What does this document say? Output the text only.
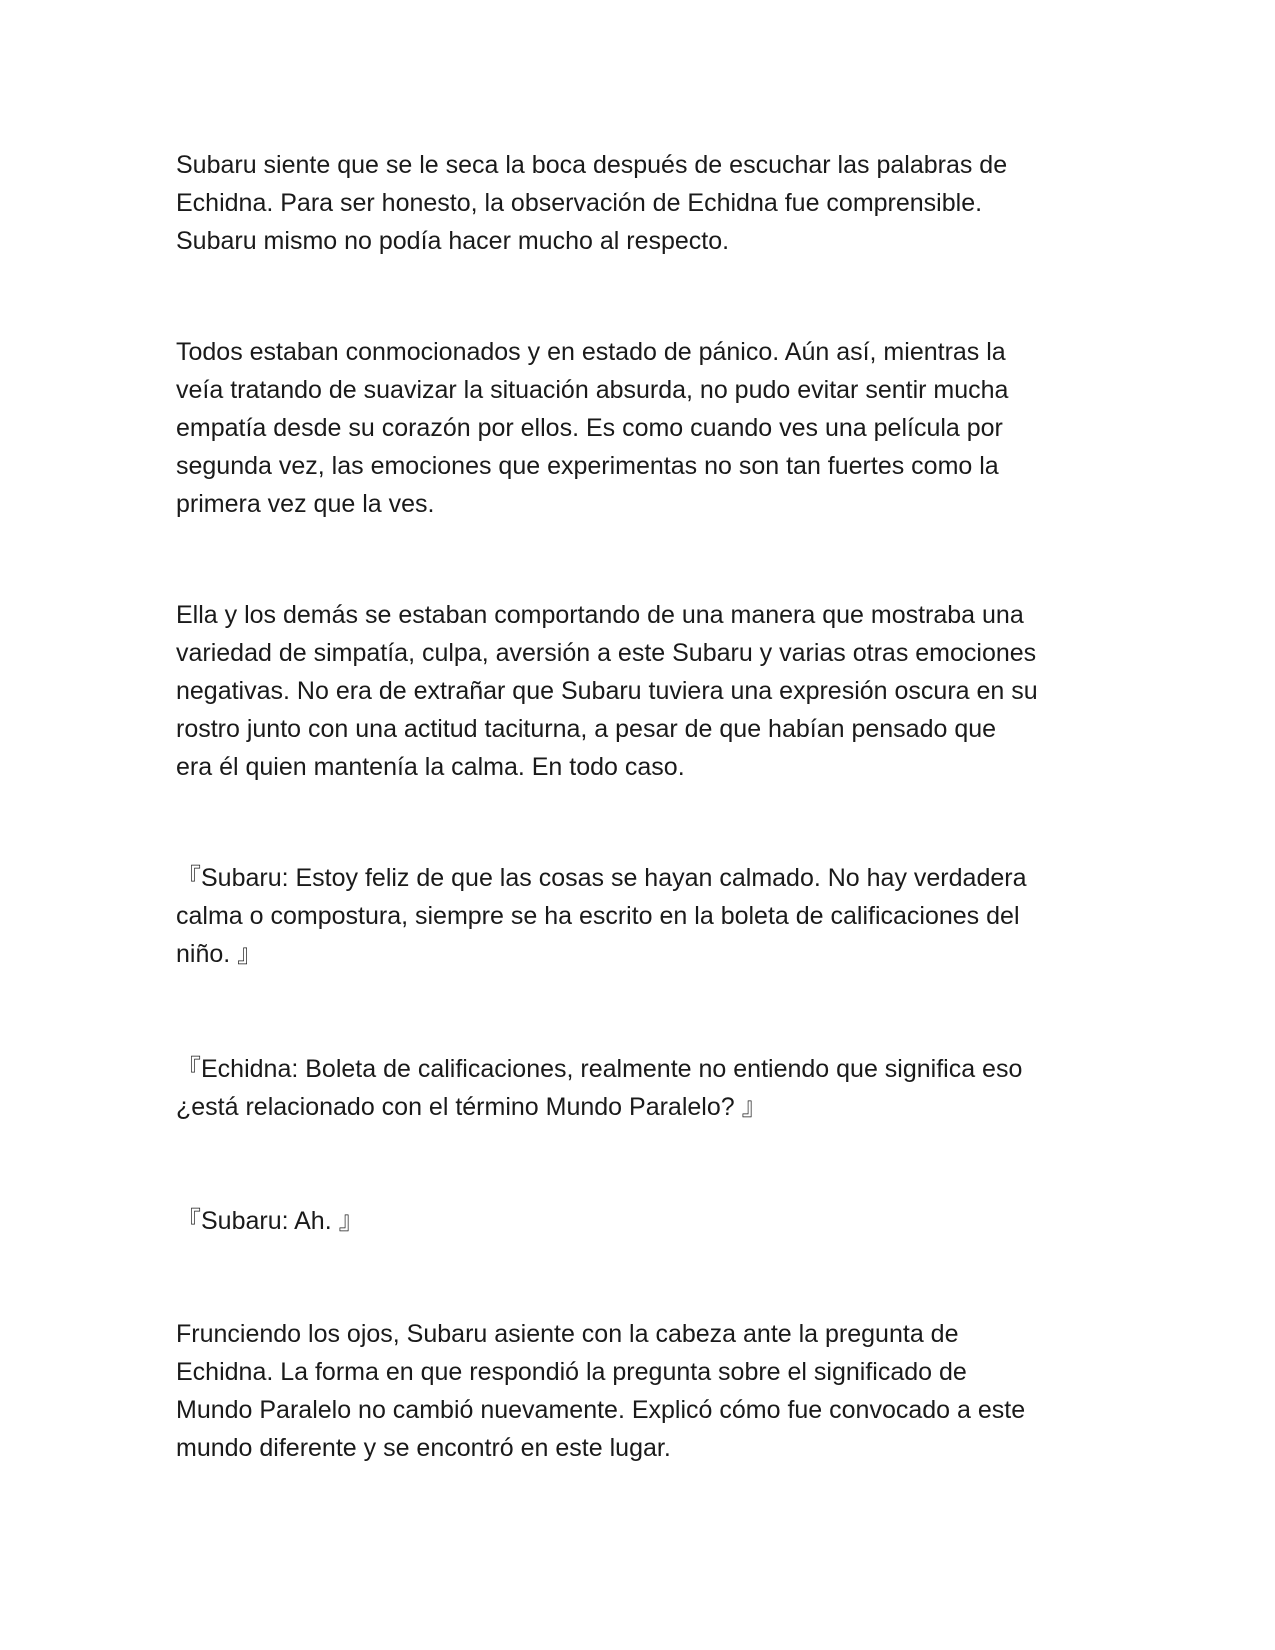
Subaru siente que se le seca la boca después de escuchar las palabras de
Echidna. Para ser honesto, la observación de Echidna fue comprensible.
Subaru mismo no podía hacer mucho al respecto.

Todos estaban conmocionados y en estado de pánico. Aún así, mientras la
veía tratando de suavizar la situación absurda, no pudo evitar sentir mucha
empatía desde su corazón por ellos. Es como cuando ves una película por
segunda vez, las emociones que experimentas no son tan fuertes como la
primera vez que la ves.

Ella y los demás se estaban comportando de una manera que mostraba una
variedad de simpatía, culpa, aversión a este Subaru y varias otras emociones
negativas. No era de extrañar que Subaru tuviera una expresión oscura en su
rostro junto con una actitud taciturna, a pesar de que habían pensado que
era él quien mantenía la calma. En todo caso.

『Subaru: Estoy feliz de que las cosas se hayan calmado. No hay verdadera
calma o compostura, siempre se ha escrito en la boleta de calificaciones del
niño. 』

『Echidna: Boleta de calificaciones, realmente no entiendo que significa eso
¿está relacionado con el término Mundo Paralelo? 』

『Subaru: Ah. 』

Frunciendo los ojos, Subaru asiente con la cabeza ante la pregunta de
Echidna. La forma en que respondió la pregunta sobre el significado de
Mundo Paralelo no cambió nuevamente. Explicó cómo fue convocado a este
mundo diferente y se encontró en este lugar.
